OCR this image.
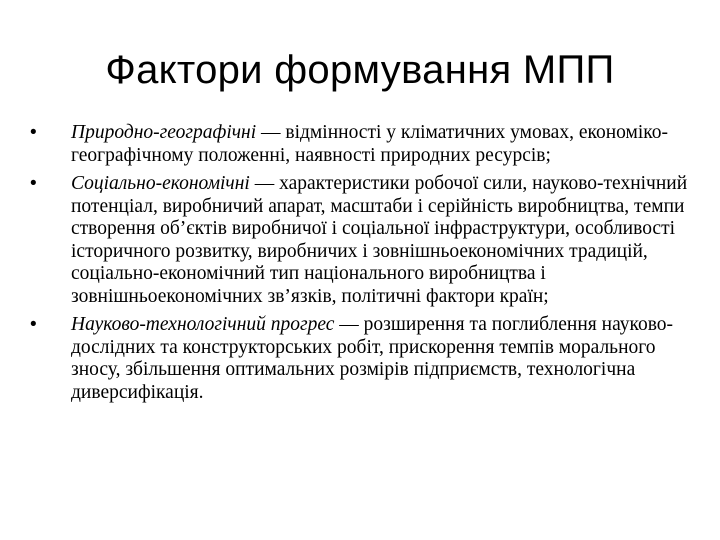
Фактори формування МПП
• Природно-географічні — відмінності у кліматичних умовах, економіко-географічному положенні, наявності природних ресурсів;
• Соціально-економічні — характеристики робочої сили, науково-технічний потенціал, виробничий апарат, масштаби і серійність виробництва, темпи створення об’єктів виробничої і соціальної інфраструктури, особливості історичного розвитку, виробничих і зовнішньоекономічних традицій, соціально-економічний тип національного виробництва і зовнішньоекономічних зв’язків, політичні фактори країн;
• Науково-технологічний прогрес — розширення та поглиблення науково-дослідних та конструкторських робіт, прискорення темпів морального зносу, збільшення оптимальних розмірів підприємств, технологічна диверсифікація.
